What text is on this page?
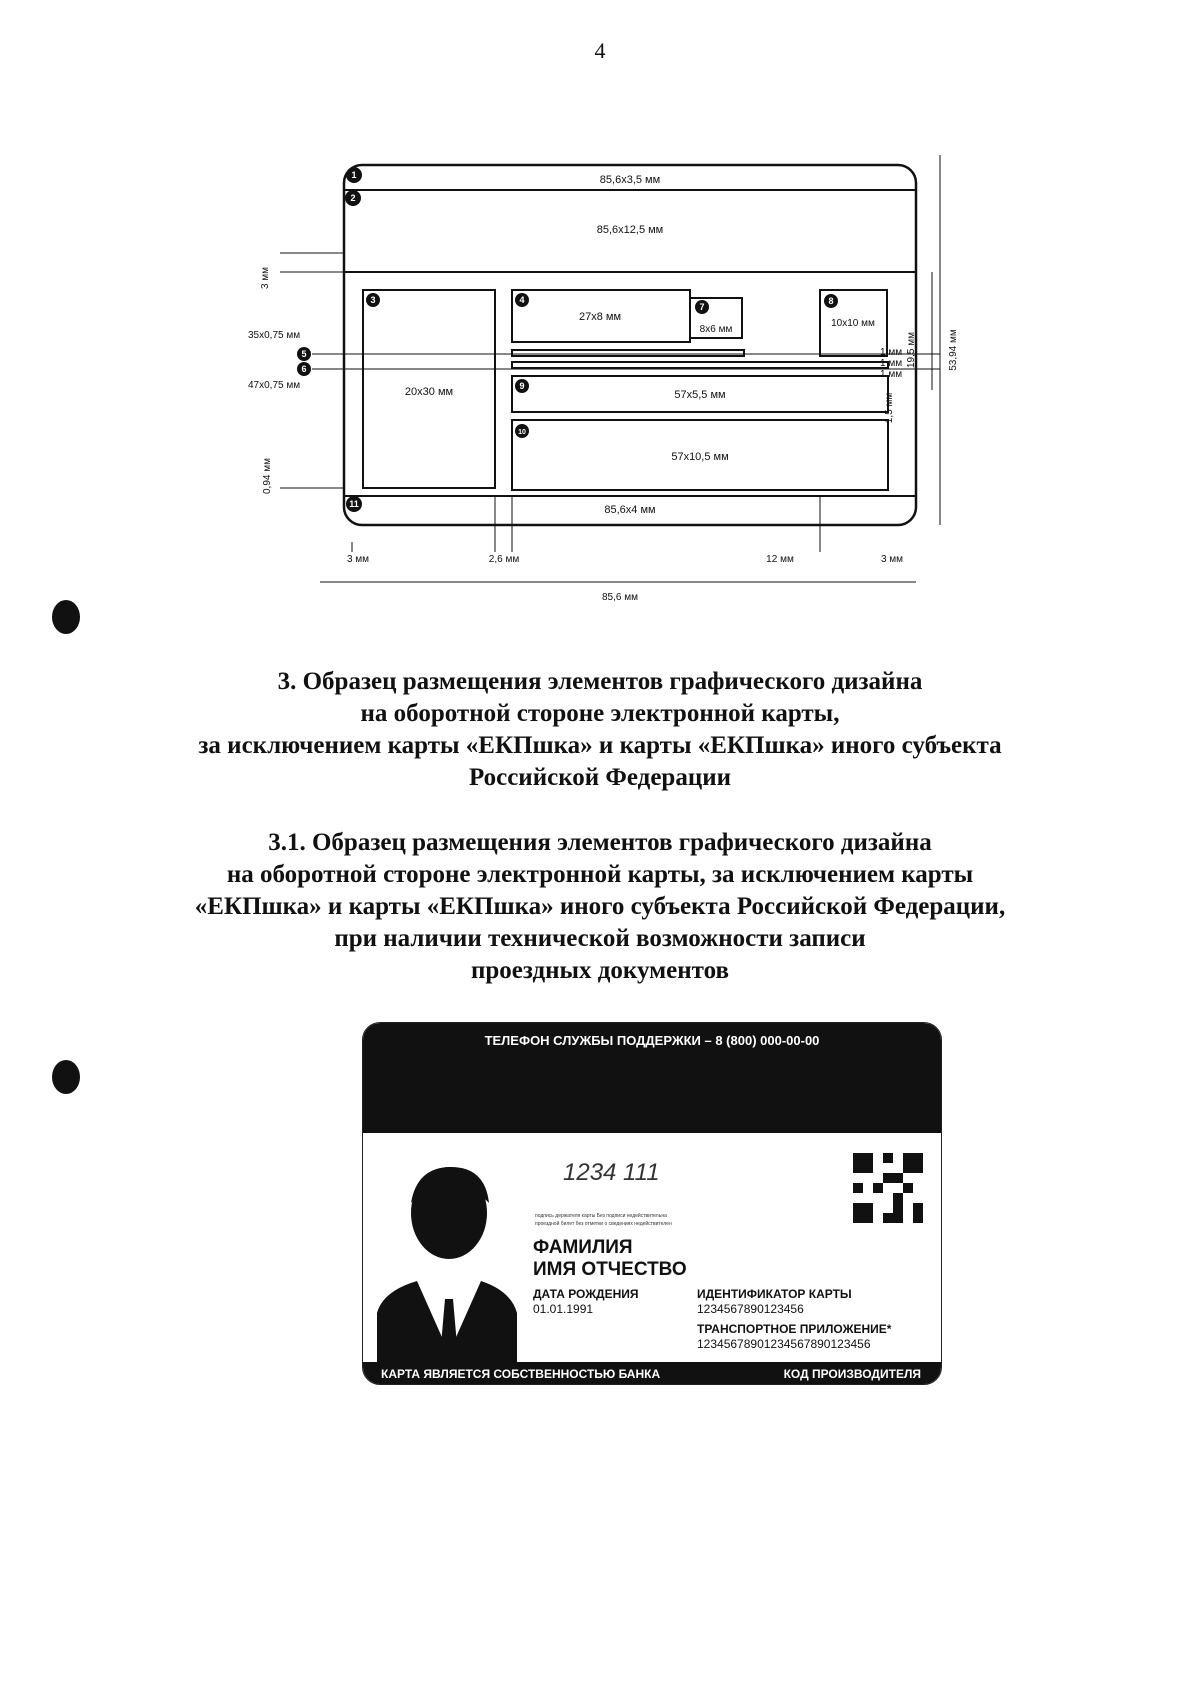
4
1
2
3	4
5
6
7
8
9
10
11
85,6x3,5 мм
85,6x12,5 мм
20x30 мм
27x8 мм
8x6 мм
10x10 мм
57x5,5 мм
57x10,5 мм
85,6x4 мм
3 мм
35x0,75 мм
47x0,75 мм
0,94 мм
1 мм
1 мм
1 мм
19,5 мм	53,94 мм
1,5 мм
3 мм	2,6 мм	12 мм	3 мм
85,6 мм
3. Образец размещения элементов графического дизайна
на оборотной стороне электронной карты,
за исключением карты «ЕКПшка» и карты «ЕКПшка» иного субъекта
Российской Федерации
3.1. Образец размещения элементов графического дизайна
на оборотной стороне электронной карты, за исключением карты
«ЕКПшка» и карты «ЕКПшка» иного субъекта Российской Федерации,
при наличии технической возможности записи
проездных документов
ТЕЛЕФОН СЛУЖБЫ ПОДДЕРЖКИ – 8 (800) 000-00-00
1234 111
подпись держателя карты Без подписи недействительна
проездной билет без отметки о сведениях недействителен
ФАМИЛИЯ
ИМЯ ОТЧЕСТВО
ДАТА РОЖДЕНИЯ
01.01.1991
ИДЕНТИФИКАТОР КАРТЫ
1234567890123456
ТРАНСПОРТНОЕ ПРИЛОЖЕНИЕ*
12345678901234567890123456
КАРТА ЯВЛЯЕТСЯ СОБСТВЕННОСТЬЮ БАНКА	КОД ПРОИЗВОДИТЕЛЯ
